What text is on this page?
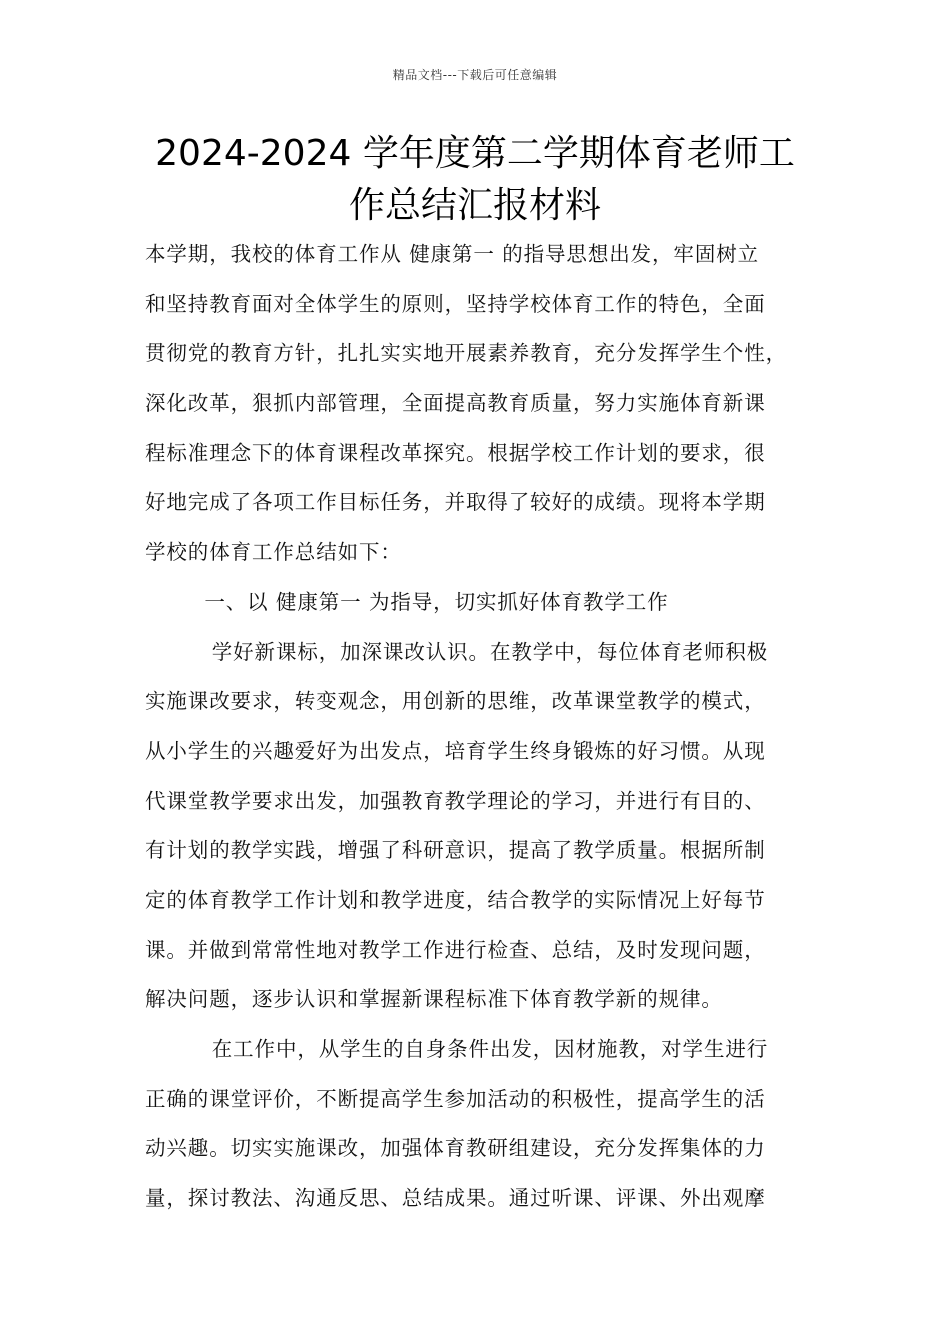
精品文档---下载后可任意编辑
2024-2024 学年度第二学期体育老师工
作总结汇报材料
本学期，我校的体育工作从 健康第一 的指导思想出发，牢固树立
和坚持教育面对全体学生的原则，坚持学校体育工作的特色，全面
贯彻党的教育方针，扎扎实实地开展素养教育，充分发挥学生个性，
深化改革，狠抓内部管理，全面提高教育质量，努力实施体育新课
程标准理念下的体育课程改革探究。根据学校工作计划的要求，很
好地完成了各项工作目标任务，并取得了较好的成绩。现将本学期
学校的体育工作总结如下：
一、以 健康第一 为指导，切实抓好体育教学工作
学好新课标，加深课改认识。在教学中，每位体育老师积极
实施课改要求，转变观念，用创新的思维，改革课堂教学的模式，
从小学生的兴趣爱好为出发点，培育学生终身锻炼的好习惯。从现
代课堂教学要求出发，加强教育教学理论的学习，并进行有目的、
有计划的教学实践，增强了科研意识，提高了教学质量。根据所制
定的体育教学工作计划和教学进度，结合教学的实际情况上好每节
课。并做到常常性地对教学工作进行检查、总结，及时发现问题，
解决问题，逐步认识和掌握新课程标准下体育教学新的规律。
在工作中，从学生的自身条件出发，因材施教，对学生进行
正确的课堂评价，不断提高学生参加活动的积极性，提高学生的活
动兴趣。切实实施课改，加强体育教研组建设，充分发挥集体的力
量，探讨教法、沟通反思、总结成果。通过听课、评课、外出观摩
